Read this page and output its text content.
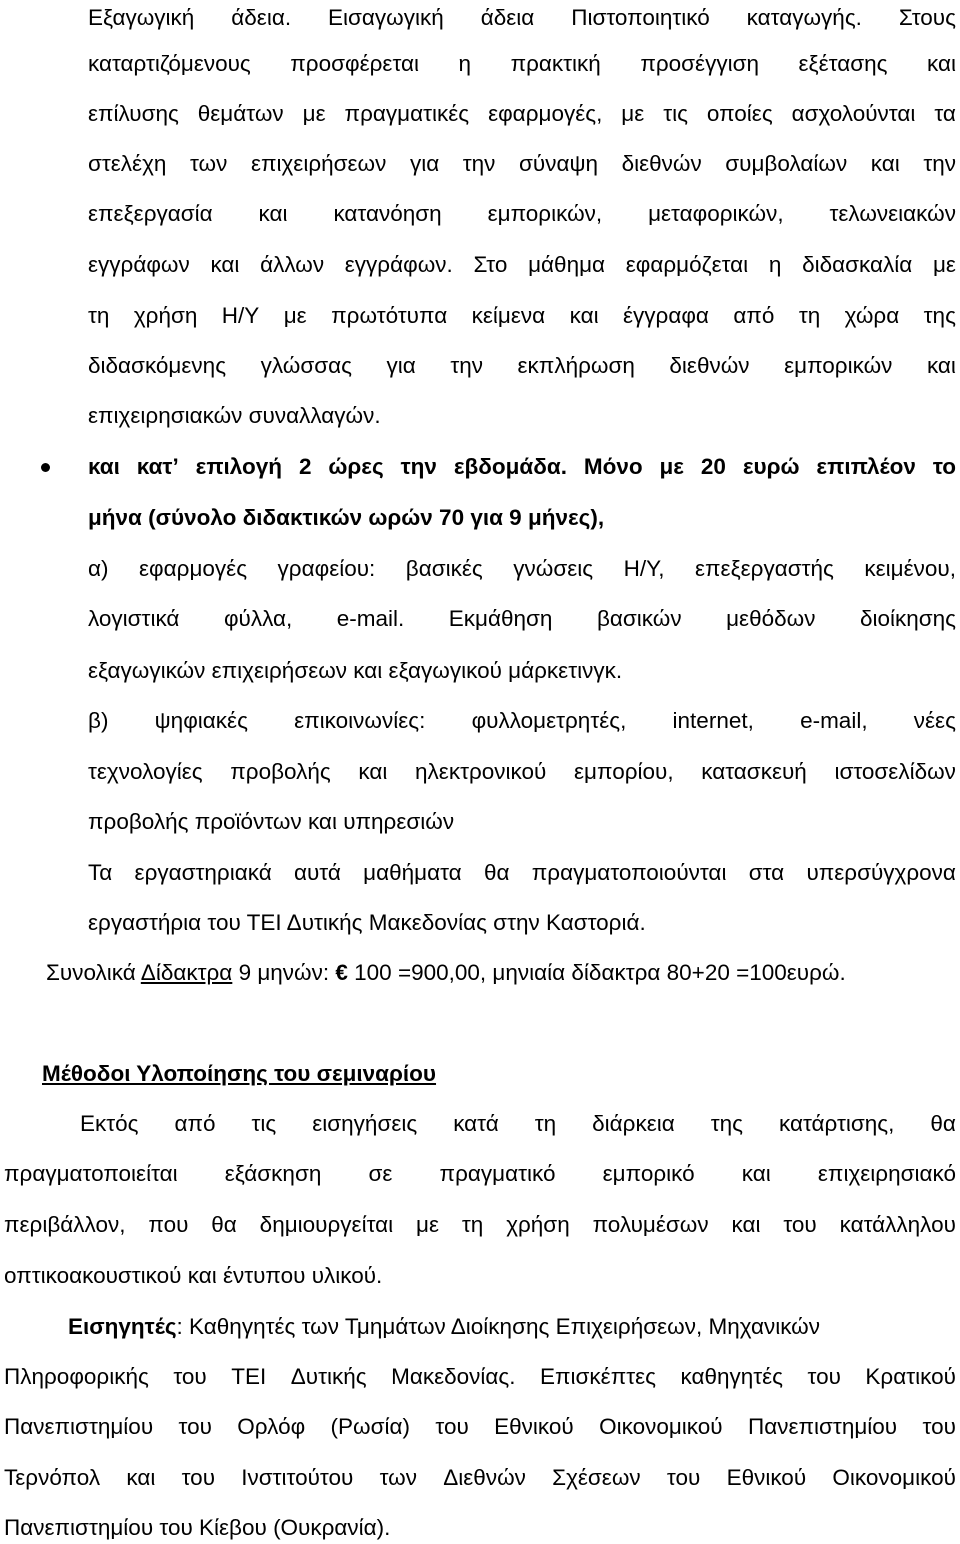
Εξαγωγική άδεια. Εισαγωγική άδεια Πιστοποιητικό καταγωγής. Στους
καταρτιζόμενους προσφέρεται η πρακτική προσέγγιση εξέτασης και
επίλυσης θεμάτων με πραγματικές εφαρμογές, με τις οποίες ασχολούνται τα
στελέχη των επιχειρήσεων για την σύναψη διεθνών συμβολαίων και την
επεξεργασία και κατανόηση εμπορικών, μεταφορικών, τελωνειακών
εγγράφων και άλλων εγγράφων. Στο μάθημα εφαρμόζεται η διδασκαλία με
τη χρήση Η/Υ με πρωτότυπα κείμενα και έγγραφα από τη χώρα της
διδασκόμενης γλώσσας για την εκπλήρωση διεθνών εμπορικών και
επιχειρησιακών συναλλαγών.
και κατ’ επιλογή 2 ώρες την εβδομάδα. Μόνο με 20 ευρώ επιπλέον το
μήνα (σύνολο διδακτικών ωρών 70 για 9 μήνες),
α) εφαρμογές γραφείου: βασικές γνώσεις Η/Υ, επεξεργαστής κειμένου,
λογιστικά φύλλα, e-mail. Εκμάθηση βασικών μεθόδων διοίκησης
εξαγωγικών επιχειρήσεων και εξαγωγικού μάρκετινγκ.
β) ψηφιακές επικοινωνίες: φυλλομετρητές, internet, e-mail, νέες
τεχνολογίες προβολής και ηλεκτρονικού εμπορίου, κατασκευή ιστοσελίδων
προβολής προϊόντων και υπηρεσιών
Τα εργαστηριακά αυτά μαθήματα θα πραγματοποιούνται στα υπερσύγχρονα
εργαστήρια του ΤΕΙ Δυτικής Μακεδονίας στην Καστοριά.
Συνολικά Δίδακτρα 9 μηνών: € 100 =900,00, μηνιαία δίδακτρα 80+20 =100ευρώ.
Μέθοδοι Υλοποίησης του σεμιναρίου
Εκτός από τις εισηγήσεις κατά τη διάρκεια της κατάρτισης, θα
πραγματοποιείται εξάσκηση σε πραγματικό εμπορικό και επιχειρησιακό
περιβάλλον, που θα δημιουργείται με τη χρήση πολυμέσων και του κατάλληλου
οπτικοακουστικού και έντυπου υλικού.
Εισηγητές: Καθηγητές των Τμημάτων Διοίκησης Επιχειρήσεων, Μηχανικών
Πληροφορικής του ΤΕΙ Δυτικής Μακεδονίας. Επισκέπτες καθηγητές του Κρατικού
Πανεπιστημίου του Ορλόφ (Ρωσία) του Εθνικού Οικονομικού Πανεπιστημίου του
Τερνόπολ και του Ινστιτούτου των Διεθνών Σχέσεων του Εθνικού Οικονομικού
Πανεπιστημίου του Κίεβου (Ουκρανία).
